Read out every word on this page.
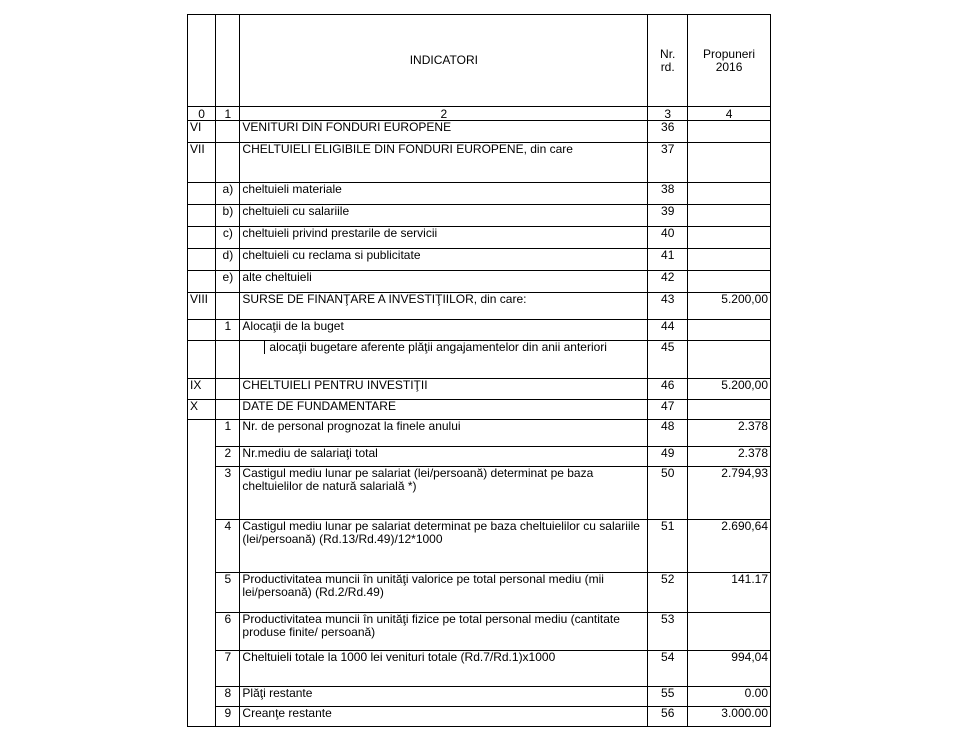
		INDICATORI	Nr. rd.	Propuneri 2016
0	1	2	3	4
VI		VENITURI DIN FONDURI EUROPENE	36	
VII		CHELTUIELI ELIGIBILE DIN FONDURI EUROPENE, din care	37	
	a)	cheltuieli materiale	38	
	b)	cheltuieli cu salariile	39	
	c)	cheltuieli privind prestarile de servicii	40	
	d)	cheltuieli cu reclama si publicitate	41	
	e)	alte cheltuieli	42	
VIII		SURSE DE FINANŢARE A INVESTIŢIILOR, din care:	43	5.200,00
	1	Alocaţii de la buget	44	

		alocaţii bugetare aferente plăţii angajamentelor din anii anteriori	45	
IX		CHELTUIELI PENTRU INVESTIŢII	46	5.200,00
X		DATE DE FUNDAMENTARE	47	
	1	Nr. de personal prognozat la finele anului	48	2.378
	2	Nr.mediu de salariaţi total	49	2.378
	3	Castigul mediu lunar pe salariat (lei/persoană) determinat pe baza cheltuielilor de natură salarială *)	50	2.794,93
	4	Castigul mediu lunar pe salariat determinat pe baza cheltuielilor cu salariile (lei/persoană) (Rd.13/Rd.49)/12*1000	51	2.690,64
	5	Productivitatea muncii în unităţi valorice pe total personal mediu (mii lei/persoană) (Rd.2/Rd.49)	52	141.17
	6	Productivitatea muncii în unităţi fizice pe total personal mediu (cantitate produse finite/ persoană)	53	
	7	Cheltuieli totale la 1000 lei venituri totale (Rd.7/Rd.1)x1000	54	994,04
	8	Plăţi restante	55	0.00
	9	Creanţe restante	56	3.000.00
